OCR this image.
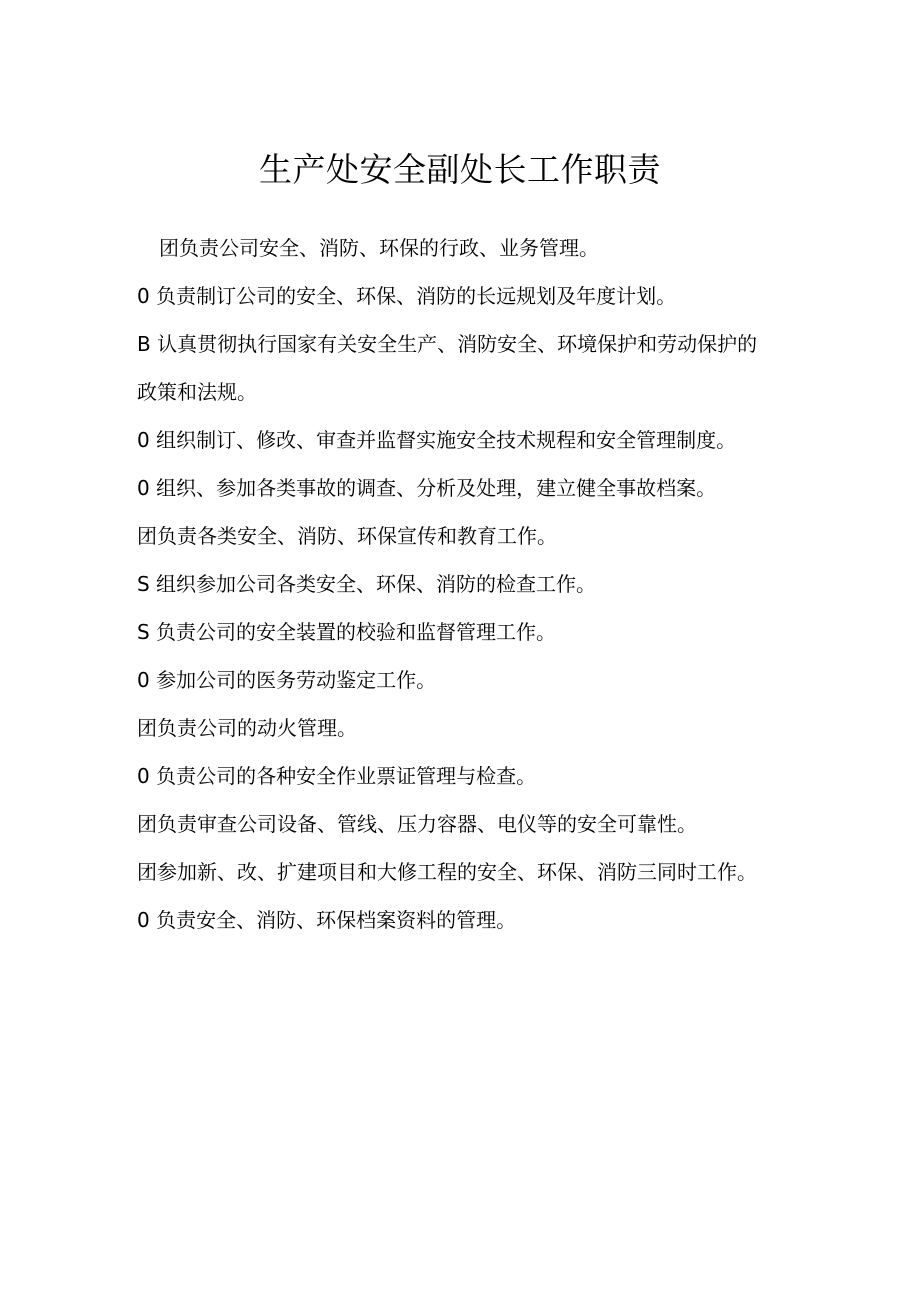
生产处安全副处长工作职责

团负责公司安全、消防、环保的行政、业务管理。

0 负责制订公司的安全、环保、消防的长远规划及年度计划。

B 认真贯彻执行国家有关安全生产、消防安全、环境保护和劳动保护的政策和法规。

0 组织制订、修改、审查并监督实施安全技术规程和安全管理制度。

0 组织、参加各类事故的调查、分析及处理，建立健全事故档案。

团负责各类安全、消防、环保宣传和教育工作。

S 组织参加公司各类安全、环保、消防的检查工作。

S 负责公司的安全装置的校验和监督管理工作。

0 参加公司的医务劳动鉴定工作。

团负责公司的动火管理。

0 负责公司的各种安全作业票证管理与检查。

团负责审查公司设备、管线、压力容器、电仪等的安全可靠性。

团参加新、改、扩建项目和大修工程的安全、环保、消防三同时工作。

0 负责安全、消防、环保档案资料的管理。
